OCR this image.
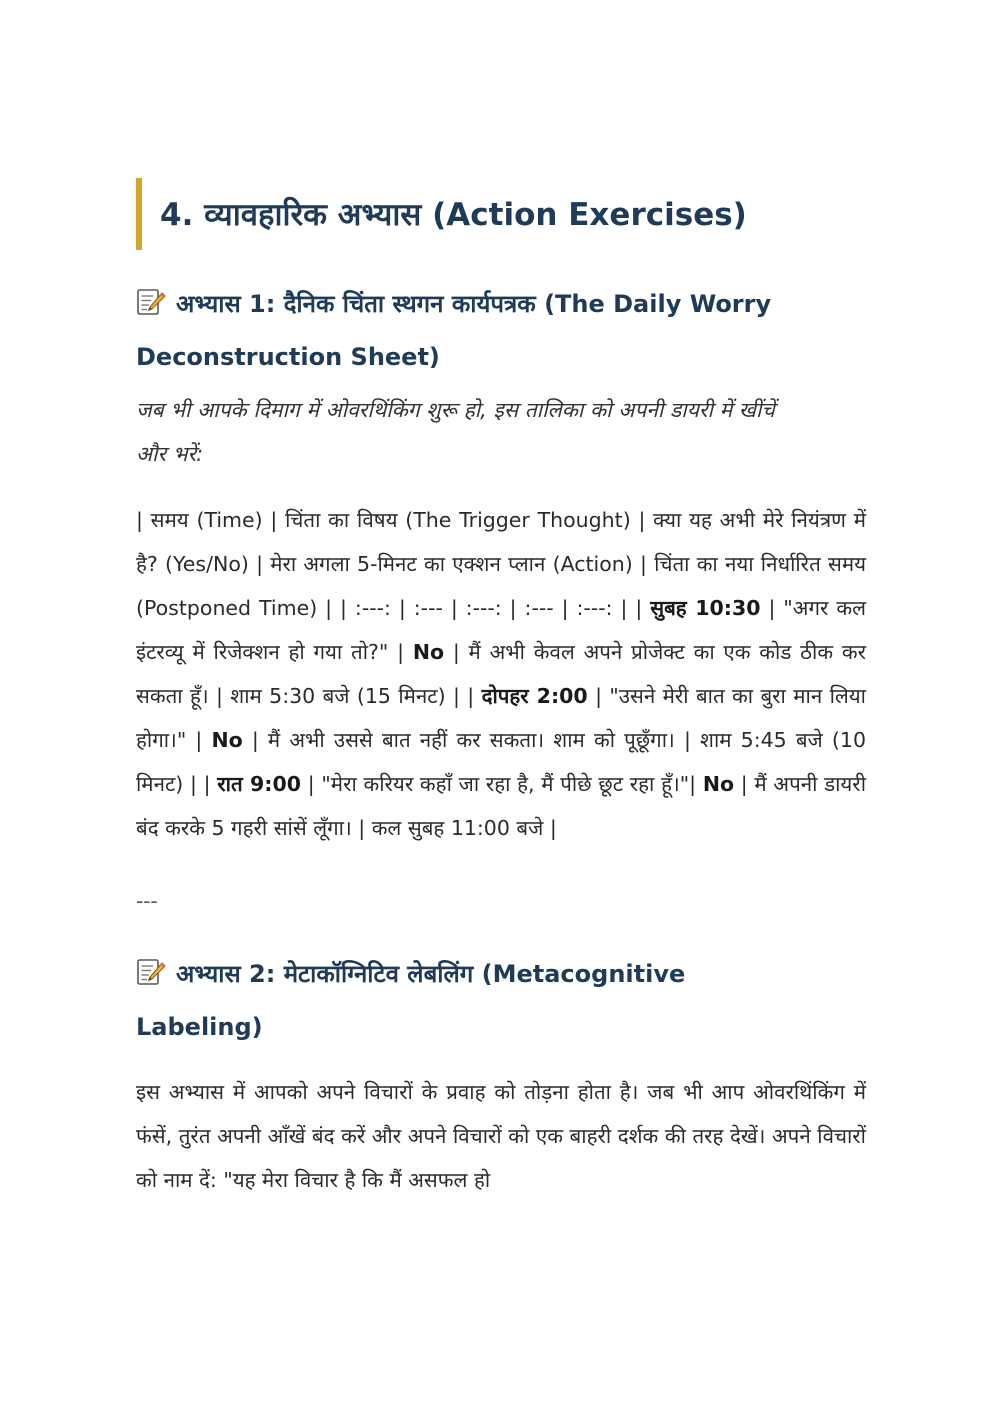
4. व्यावहारिक अभ्यास (Action Exercises)
अभ्यास 1: दैनिक चिंता स्थगन कार्यपत्रक (The Daily Worry
Deconstruction Sheet)

जब भी आपके दिमाग में ओवरथिंकिंग शुरू हो, इस तालिका को अपनी डायरी में खींचें
और भरें:

| समय (Time) | चिंता का विषय (The Trigger Thought) | क्या यह अभी मेरे नियंत्रण में है? (Yes/No) | मेरा अगला 5-मिनट का एक्शन प्लान (Action) | चिंता का नया निर्धारित समय (Postponed Time) | | :---: | :--- | :---: | :--- | :---: | | सुबह 10:30 | "अगर कल इंटरव्यू में रिजेक्शन हो गया तो?" | No | मैं अभी केवल अपने प्रोजेक्ट का एक कोड ठीक कर सकता हूँ। | शाम 5:30 बजे (15 मिनट) | | दोपहर 2:00 | "उसने मेरी बात का बुरा मान लिया होगा।" | No | मैं अभी उससे बात नहीं कर सकता। शाम को पूछूँगा। | शाम 5:45 बजे (10 मिनट) | | रात 9:00 | "मेरा करियर कहाँ जा रहा है, मैं पीछे छूट रहा हूँ।"| No | मैं अपनी डायरी बंद करके 5 गहरी सांसें लूँगा। | कल सुबह 11:00 बजे |

---
अभ्यास 2: मेटाकॉग्निटिव लेबलिंग (Metacognitive
Labeling)

इस अभ्यास में आपको अपने विचारों के प्रवाह को तोड़ना होता है। जब भी आप ओवरथिंकिंग में फंसें, तुरंत अपनी आँखें बंद करें और अपने विचारों को एक बाहरी दर्शक की तरह देखें। अपने विचारों को नाम दें: "यह मेरा विचार है कि मैं असफल हो
